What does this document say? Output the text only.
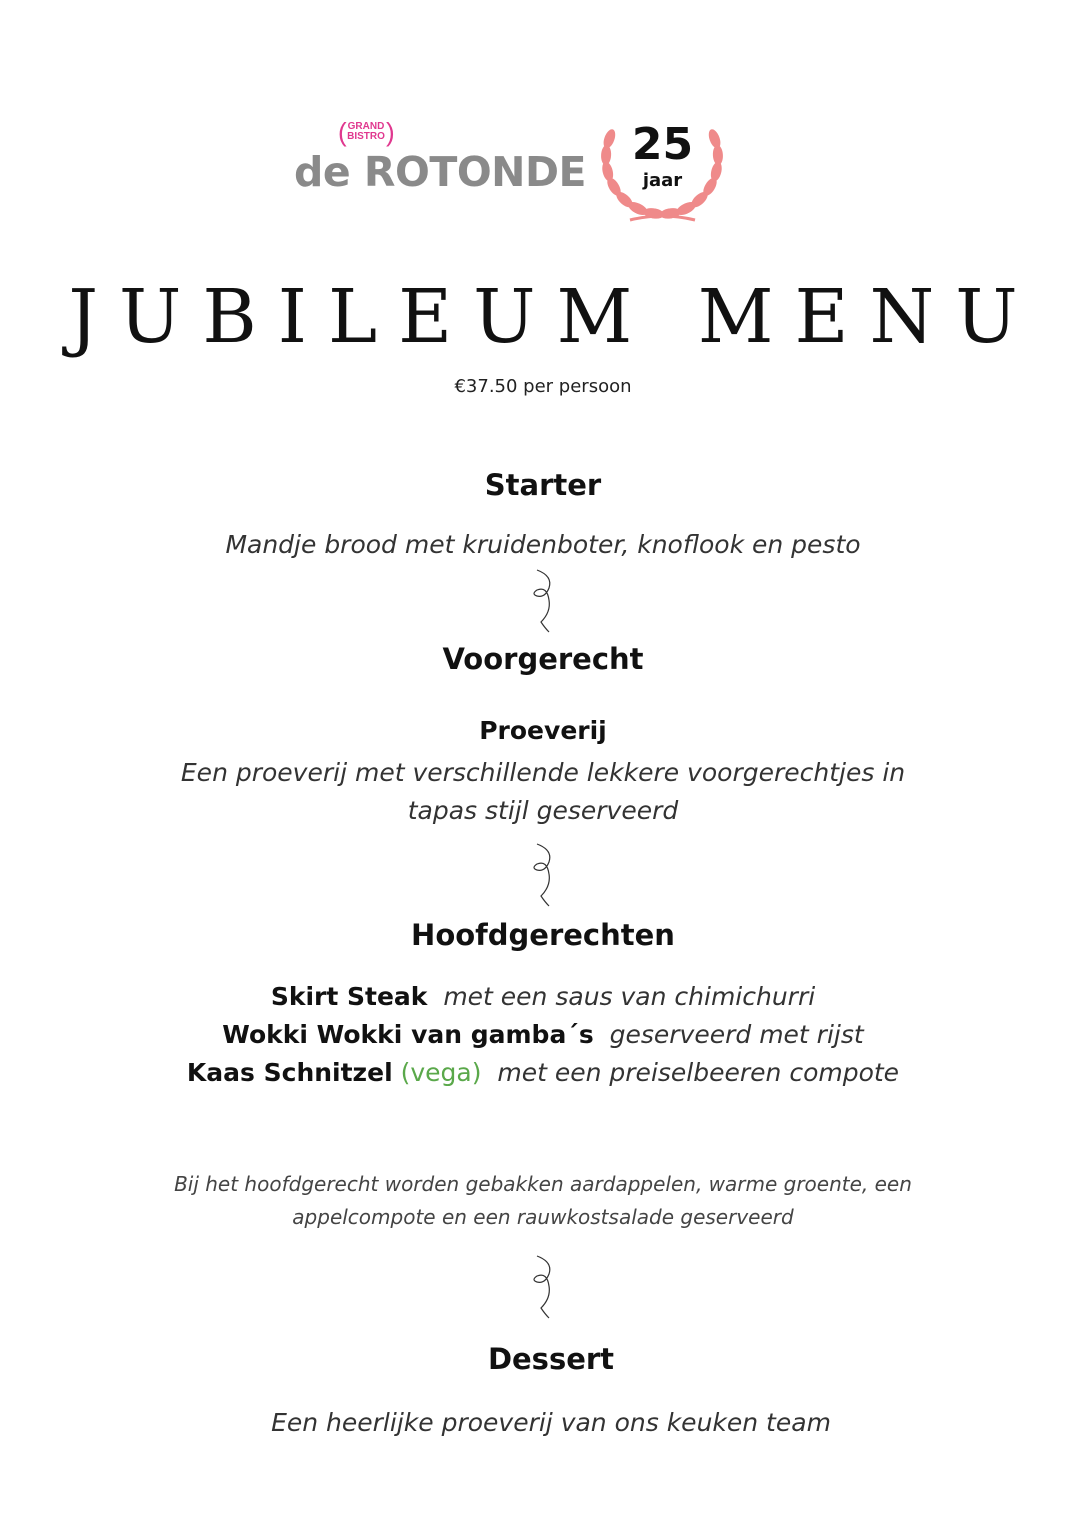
( GRAND
BISTRO )
de ROTONDE
25
jaar
JUBILEUM MENU
€37.50 per persoon
Starter
Mandje brood met kruidenboter, knoflook en pesto
Voorgerecht
Proeverij
Een proeverij met verschillende lekkere voorgerechtjes in
tapas stijl geserveerd
Hoofdgerechten
Skirt Steak met een saus van chimichurri
Wokki Wokki van gamba´s geserveerd met rijst
Kaas Schnitzel (vega) met een preiselbeeren compote
Bij het hoofdgerecht worden gebakken aardappelen, warme groente, een
appelcompote en een rauwkostsalade geserveerd
Dessert
Een heerlijke proeverij van ons keuken team
